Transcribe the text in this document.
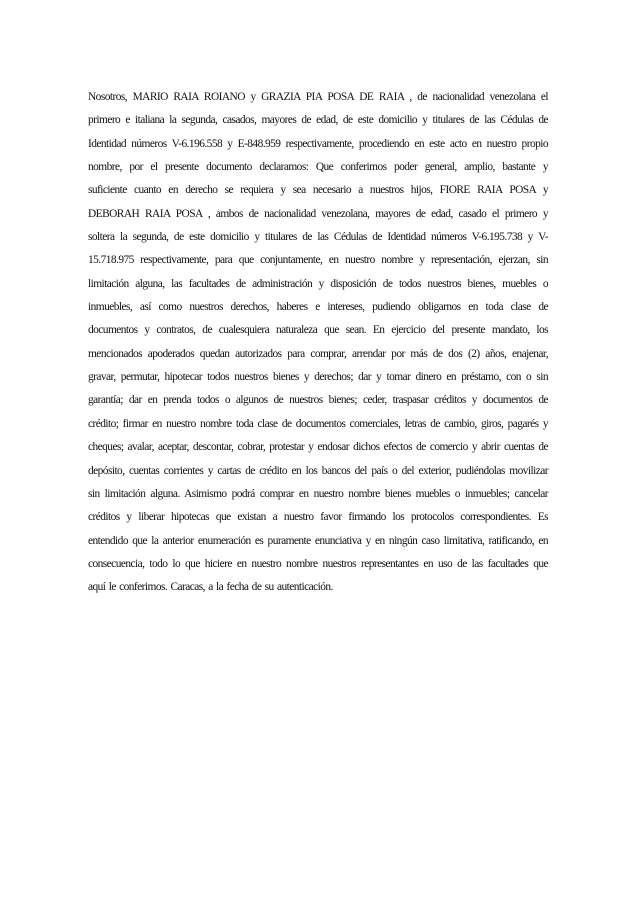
Nosotros, MARIO RAIA ROIANO y GRAZIA PIA POSA DE RAIA , de nacionalidad venezolana el
primero e italiana la segunda, casados, mayores de edad, de este domicilio y titulares de las Cédulas de
Identidad números V-6.196.558 y E-848.959 respectivamente, procediendo en este acto en nuestro propio
nombre, por el presente documento declaramos: Que conferimos poder general, amplio, bastante y
suficiente cuanto en derecho se requiera y sea necesario a nuestros hijos, FIORE RAIA POSA y
DEBORAH RAIA POSA , ambos de nacionalidad venezolana, mayores de edad, casado el primero y
soltera la segunda, de este domicilio y titulares de las Cédulas de Identidad números V-6.195.738 y V-
15.718.975 respectivamente, para que conjuntamente, en nuestro nombre y representación, ejerzan, sin
limitación alguna, las facultades de administración y disposición de todos nuestros bienes, muebles o
inmuebles, así como nuestros derechos, haberes e intereses, pudiendo obligarnos en toda clase de
documentos y contratos, de cualesquiera naturaleza que sean. En ejercicio del presente mandato, los
mencionados apoderados quedan autorizados para comprar, arrendar por más de dos (2) años, enajenar,
gravar, permutar, hipotecar todos nuestros bienes y derechos; dar y tomar dinero en préstamo, con o sin
garantía; dar en prenda todos o algunos de nuestros bienes; ceder, traspasar créditos y documentos de
crédito; firmar en nuestro nombre toda clase de documentos comerciales, letras de cambio, giros, pagarés y
cheques; avalar, aceptar, descontar, cobrar, protestar y endosar dichos efectos de comercio y abrir cuentas de
depósito, cuentas corrientes y cartas de crédito en los bancos del país o del exterior, pudiéndolas movilizar
sin limitación alguna. Asimismo podrá comprar en nuestro nombre bienes muebles o inmuebles; cancelar
créditos y liberar hipotecas que existan a nuestro favor firmando los protocolos correspondientes. Es
entendido que la anterior enumeración es puramente enunciativa y en ningún caso limitativa, ratificando, en
consecuencia, todo lo que hiciere en nuestro nombre nuestros representantes en uso de las facultades que
aquí le conferimos. Caracas, a la fecha de su autenticación.
